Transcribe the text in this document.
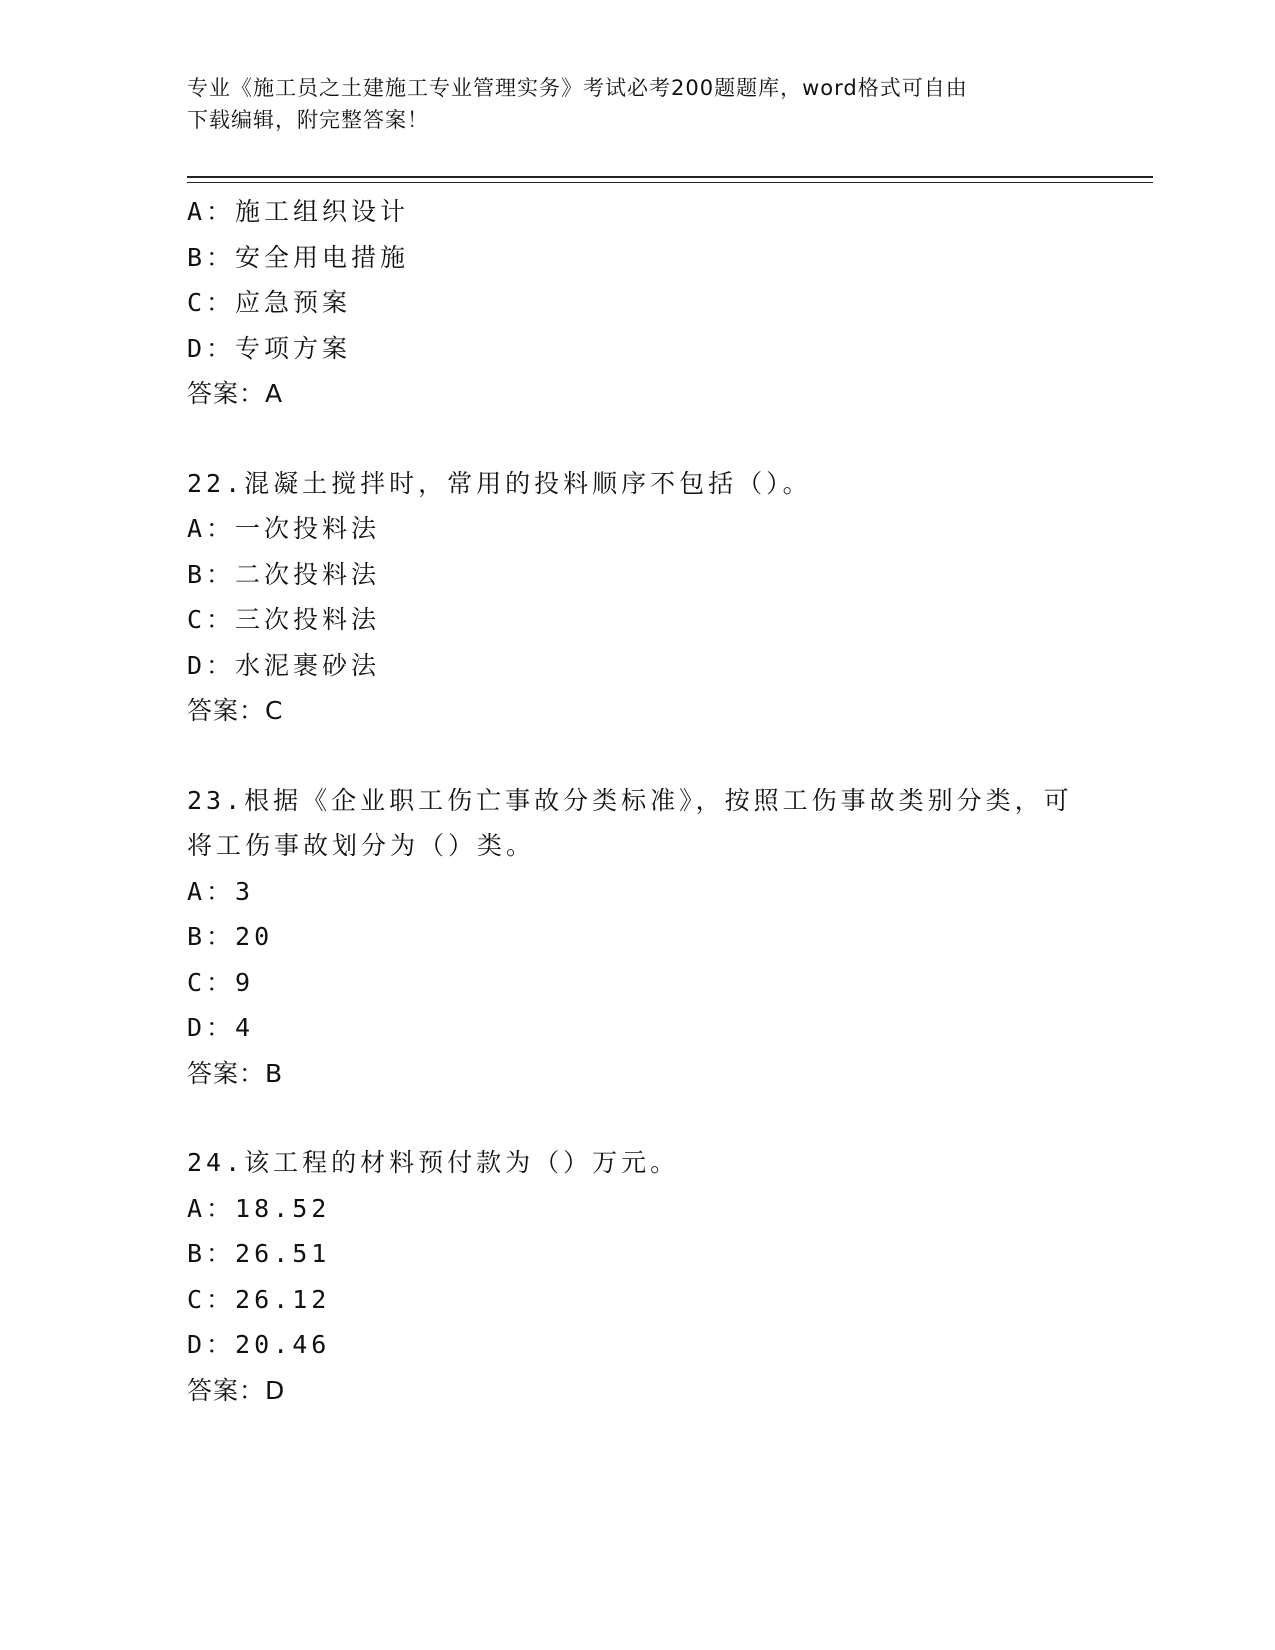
专业《施工员之土建施工专业管理实务》考试必考200题题库，word格式可自由
下载编辑，附完整答案！
A：施工组织设计
B：安全用电措施
C：应急预案
D：专项方案
答案：A
22.混凝土搅拌时，常用的投料顺序不包括（）。
A：一次投料法
B：二次投料法
C：三次投料法
D：水泥裹砂法
答案：C
23.根据《企业职工伤亡事故分类标准》，按照工伤事故类别分类，可
将工伤事故划分为（）类。
A：3
B：20
C：9
D：4
答案：B
24.该工程的材料预付款为（）万元。
A：18.52
B：26.51
C：26.12
D：20.46
答案：D
